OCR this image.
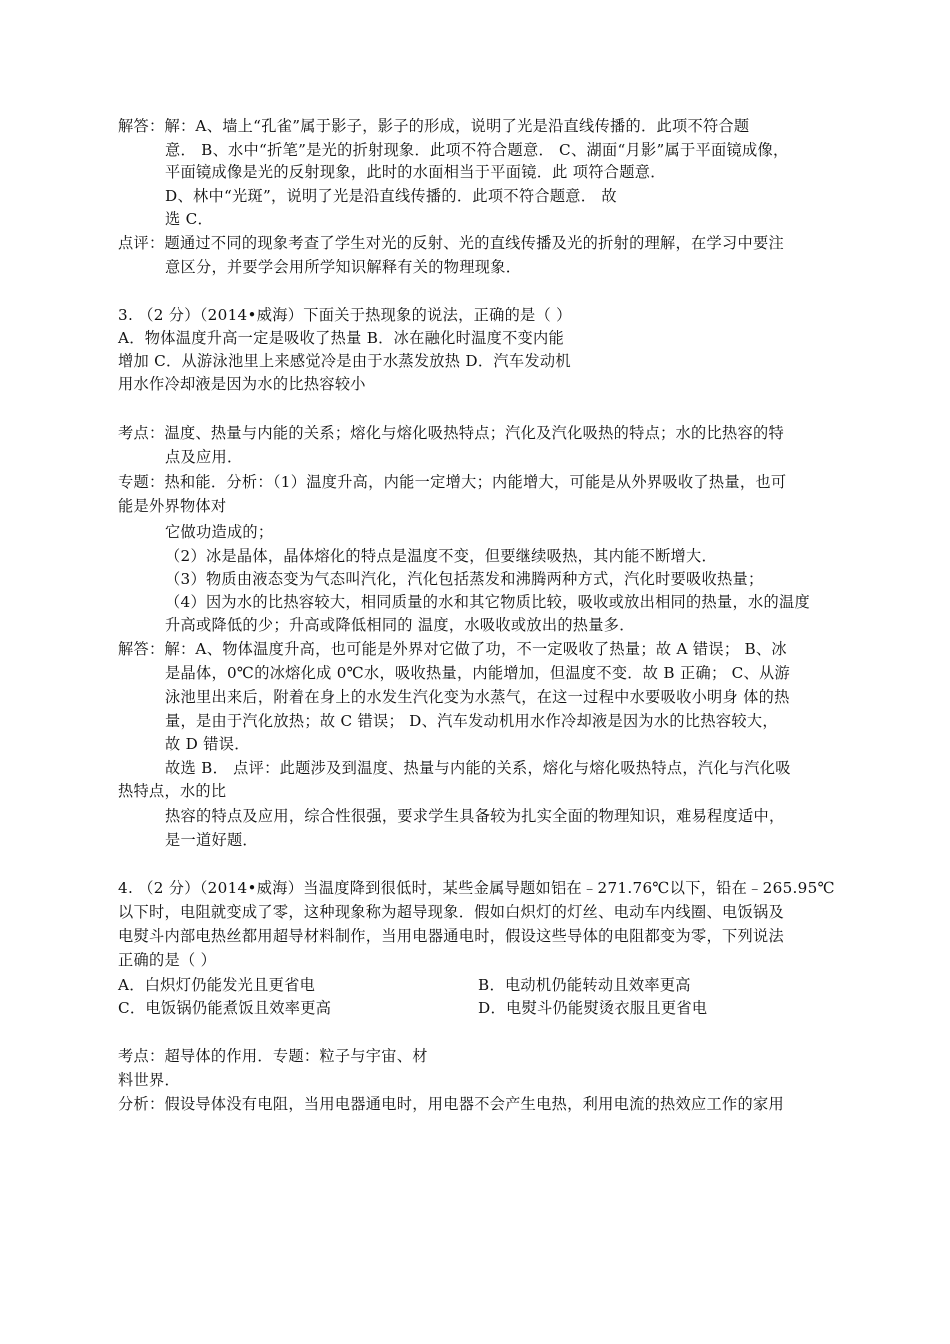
解答：解：A、墙上“孔雀”属于影子，影子的形成，说明了光是沿直线传播的．此项不符合题
意． B、水中“折笔”是光的折射现象．此项不符合题意． C、湖面“月影”属于平面镜成像，
平面镜成像是光的反射现象，此时的水面相当于平面镜．此 项符合题意．
D、林中“光斑”，说明了光是沿直线传播的．此项不符合题意． 故
选 C．
点评：题通过不同的现象考查了学生对光的反射、光的直线传播及光的折射的理解，在学习中要注
意区分，并要学会用所学知识解释有关的物理现象．
3. （2 分）（2014•威海）下面关于热现象的说法，正确的是（ ）
A．物体温度升高一定是吸收了热量 B．冰在融化时温度不变内能
增加 C．从游泳池里上来感觉冷是由于水蒸发放热 D．汽车发动机
用水作冷却液是因为水的比热容较小
考点：温度、热量与内能的关系；熔化与熔化吸热特点；汽化及汽化吸热的特点；水的比热容的特
点及应用．
专题：热和能．分析：（1）温度升高，内能一定增大；内能增大，可能是从外界吸收了热量，也可
能是外界物体对
它做功造成的；
（2）冰是晶体，晶体熔化的特点是温度不变，但要继续吸热，其内能不断增大．
（3）物质由液态变为气态叫汽化，汽化包括蒸发和沸腾两种方式，汽化时要吸收热量；
（4）因为水的比热容较大，相同质量的水和其它物质比较，吸收或放出相同的热量，水的温度
升高或降低的少；升高或降低相同的 温度，水吸收或放出的热量多．
解答：解：A、物体温度升高，也可能是外界对它做了功，不一定吸收了热量；故 A 错误； B、冰
是晶体，0℃的冰熔化成 0℃水，吸收热量，内能增加，但温度不变．故 B 正确； C、从游
泳池里出来后，附着在身上的水发生汽化变为水蒸气，在这一过程中水要吸收小明身 体的热
量，是由于汽化放热；故 C 错误； D、汽车发动机用水作冷却液是因为水的比热容较大，
故 D 错误．
故选 B． 点评：此题涉及到温度、热量与内能的关系，熔化与熔化吸热特点，汽化与汽化吸
热特点，水的比
热容的特点及应用，综合性很强，要求学生具备较为扎实全面的物理知识，难易程度适中，
是一道好题．
4. （2 分）（2014•威海）当温度降到很低时，某些金属导题如铝在﹣271.76℃以下，铅在﹣265.95℃
以下时，电阻就变成了零，这种现象称为超导现象．假如白炽灯的灯丝、电动车内线圈、电饭锅及
电熨斗内部电热丝都用超导材料制作，当用电器通电时，假设这些导体的电阻都变为零，下列说法
正确的是（ ）
A．白炽灯仍能发光且更省电	B．电动机仍能转动且效率更高
C．电饭锅仍能煮饭且效率更高	D．电熨斗仍能熨烫衣服且更省电
考点：超导体的作用．专题：粒子与宇宙、材
料世界．
分析：假设导体没有电阻，当用电器通电时，用电器不会产生电热，利用电流的热效应工作的家用
